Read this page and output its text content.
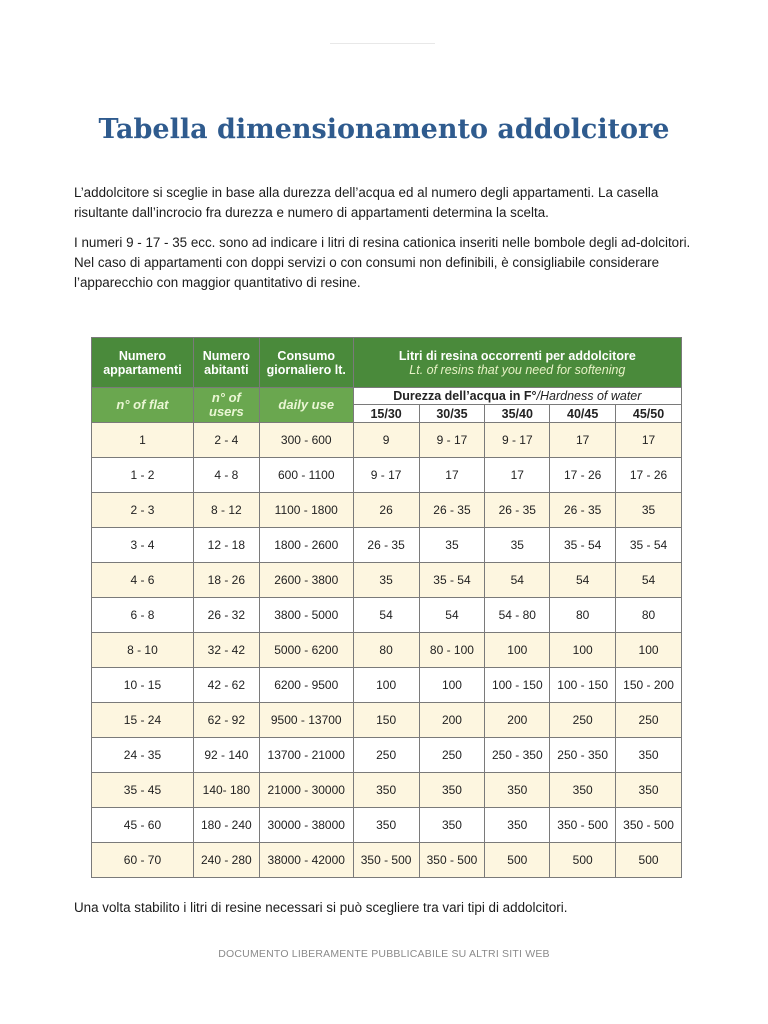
Tabella dimensionamento addolcitore

L’addolcitore si sceglie in base alla durezza dell’acqua ed al numero degli appartamenti. La casella risultante dall’incrocio fra durezza e numero di appartamenti determina la scelta.

I numeri 9 - 17 - 35 ecc. sono ad indicare i litri di resina cationica inseriti nelle bombole degli ad-dolcitori. Nel caso di appartamenti con doppi servizi o con consumi non definibili, è consigliabile considerare l’apparecchio con maggior quantitativo di resine.

Numero appartamenti	Numero abitanti	Consumo giornaliero lt.	Litri di resina occorrenti per addolcitore
Lt. of resins that you need for softening				

n° of flat	n° of users	daily use	Durezza dell’acqua in F°/Hardness of water				
			15/30	30/35	35/40	40/45	45/50
1	2 - 4	300 - 600	9	9 - 17	9 - 17	17	17
1 - 2	4 - 8	600 - 1100	9 - 17	17	17	17 - 26	17 - 26
2 - 3	8 - 12	1100 - 1800	26	26 - 35	26 - 35	26 - 35	35
3 - 4	12 - 18	1800 - 2600	26 - 35	35	35	35 - 54	35 - 54
4 - 6	18 - 26	2600 - 3800	35	35 - 54	54	54	54
6 - 8	26 - 32	3800 - 5000	54	54	54 - 80	80	80
8 - 10	32 - 42	5000 - 6200	80	80 - 100	100	100	100
10 - 15	42 - 62	6200 - 9500	100	100	100 - 150	100 - 150	150 - 200
15 - 24	62 - 92	9500 - 13700	150	200	200	250	250
24 - 35	92 - 140	13700 - 21000	250	250	250 - 350	250 - 350	350
35 - 45	140- 180	21000 - 30000	350	350	350	350	350
45 - 60	180 - 240	30000 - 38000	350	350	350	350 - 500	350 - 500
60 - 70	240 - 280	38000 - 42000	350 - 500	350 - 500	500	500	500

Una volta stabilito i litri di resine necessari si può scegliere tra vari tipi di addolcitori.

DOCUMENTO LIBERAMENTE PUBBLICABILE SU ALTRI SITI WEB
